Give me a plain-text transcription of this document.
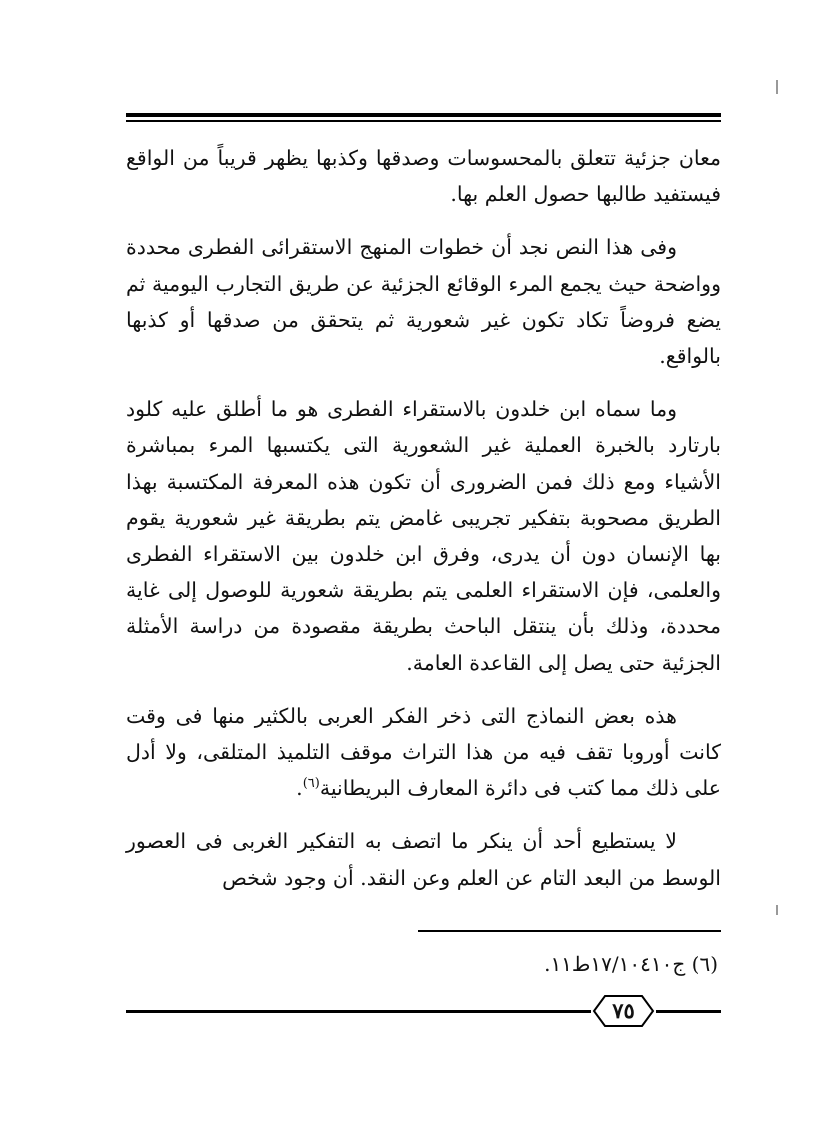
معان جزئية تتعلق بالمحسوسات وصدقها وكذبها يظهر قريباً من الواقع فيستفيد طالبها حصول العلم بها.

وفى هذا النص نجد أن خطوات المنهج الاستقرائى الفطرى محددة وواضحة حيث يجمع المرء الوقائع الجزئية عن طريق التجارب اليومية ثم يضع فروضاً تكاد تكون غير شعورية ثم يتحقق من صدقها أو كذبها بالواقع.

وما سماه ابن خلدون بالاستقراء الفطرى هو ما أطلق عليه كلود بارتارد بالخبرة العملية غير الشعورية التى يكتسبها المرء بمباشرة الأشياء ومع ذلك فمن الضرورى أن تكون هذه المعرفة المكتسبة بهذا الطريق مصحوبة بتفكير تجريبى غامض يتم بطريقة غير شعورية يقوم بها الإنسان دون أن يدرى، وفرق ابن خلدون بين الاستقراء الفطرى والعلمى، فإن الاستقراء العلمى يتم بطريقة شعورية للوصول إلى غاية محددة، وذلك بأن ينتقل الباحث بطريقة مقصودة من دراسة الأمثلة الجزئية حتى يصل إلى القاعدة العامة.

هذه بعض النماذج التى ذخر الفكر العربى بالكثير منها فى وقت كانت أوروبا تقف فيه من هذا التراث موقف التلميذ المتلقى، ولا أدل على ذلك مما كتب فى دائرة المعارف البريطانية$^{(٦)}$.

لا يستطيع أحد أن ينكر ما اتصف به التفكير الغربى فى العصور الوسط من البعد التام عن العلم وعن النقد. أن وجود شخص

(٦) ج١٧/١٠٤١٠ط١١.
٧٥
